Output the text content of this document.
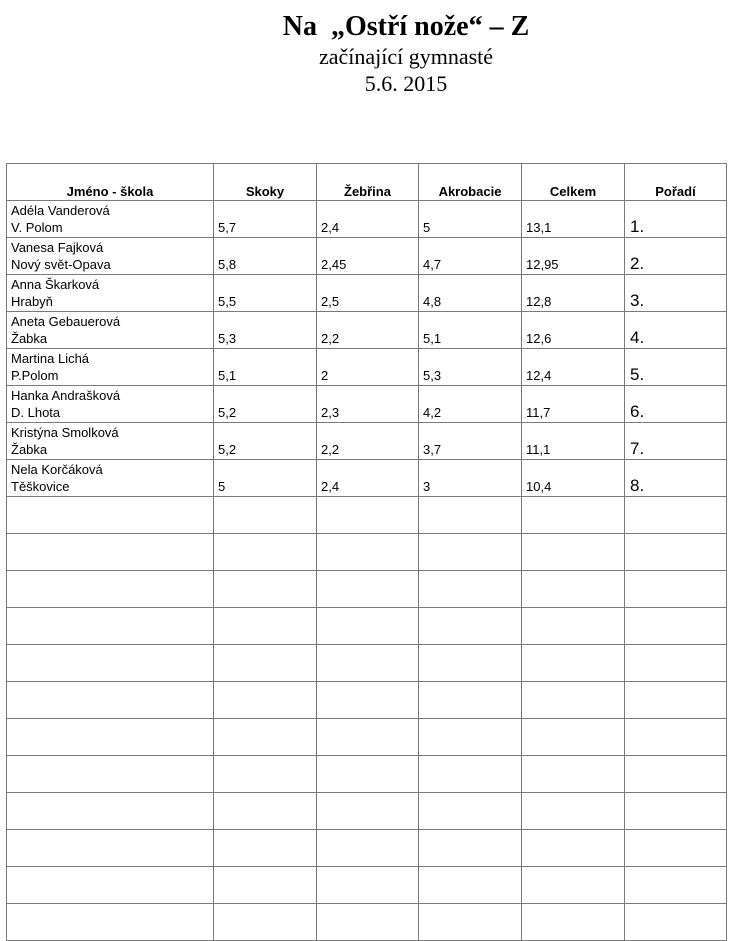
Na  „Ostří nože“ – Z
začínající gymnasté
5.6. 2015
Jméno - škola	Skoky	Žebřina	Akrobacie	Celkem	Pořadí

Adéla Vanderová
V. Polom	5,7	2,4	5	13,1	1.

Vanesa Fajková
Nový svět-Opava	5,8	2,45	4,7	12,95	2.

Anna Škarková
Hrabyň	5,5	2,5	4,8	12,8	3.

Aneta Gebauerová
Žabka	5,3	2,2	5,1	12,6	4.

Martina Lichá
P.Polom	5,1	2	5,3	12,4	5.

Hanka Andrašková
D. Lhota	5,2	2,3	4,2	11,7	6.

Kristýna Smolková
Žabka	5,2	2,2	3,7	11,1	7.

Nela Korčáková
Těškovice	5	2,4	3	10,4	8.
